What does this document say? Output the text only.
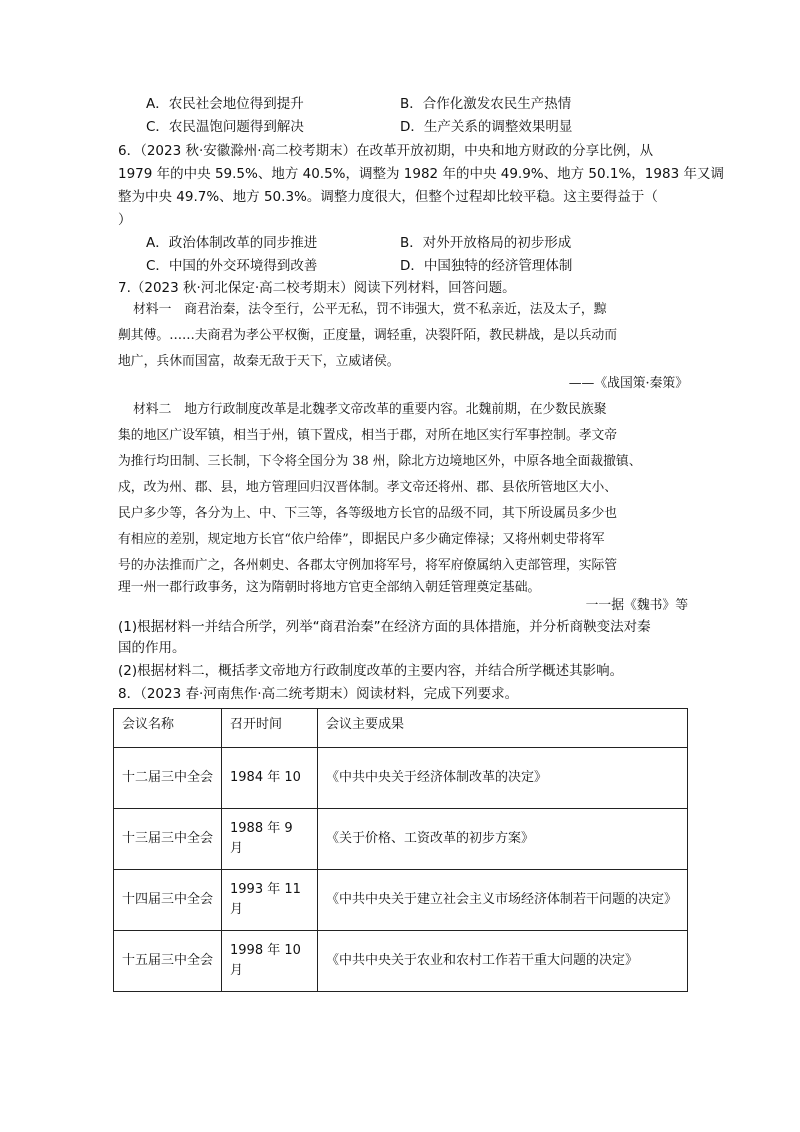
A．农民社会地位得到提升	B．合作化激发农民生产热情
C．农民温饱问题得到解决	D．生产关系的调整效果明显
6．（2023 秋·安徽滁州·高二校考期末）在改革开放初期，中央和地方财政的分享比例，从
1979 年的中央 59.5%、地方 40.5%，调整为 1982 年的中央 49.9%、地方 50.1%，1983 年又调
整为中央 49.7%、地方 50.3%。调整力度很大，但整个过程却比较平稳。这主要得益于（
）
A．政治体制改革的同步推进	B．对外开放格局的初步形成
C．中国的外交环境得到改善	D．中国独特的经济管理体制
7.（2023 秋·河北保定·高二校考期末）阅读下列材料，回答问题。
材料一　商君治秦，法令至行，公平无私，罚不讳强大，赏不私亲近，法及太子，黥
劓其傅。……夫商君为孝公平权衡，正度量，调轻重，决裂阡陌，教民耕战，是以兵动而
地广，兵休而国富，故秦无敌于天下，立威诸侯。
——《战国策·秦策》
材料二　地方行政制度改革是北魏孝文帝改革的重要内容。北魏前期，在少数民族聚
集的地区广设军镇，相当于州，镇下置戍，相当于郡，对所在地区实行军事控制。孝文帝
为推行均田制、三长制，下令将全国分为 38 州，除北方边境地区外，中原各地全面裁撤镇、
戍，改为州、郡、县，地方管理回归汉晋体制。孝文帝还将州、郡、县依所管地区大小、
民户多少等，各分为上、中、下三等，各等级地方长官的品级不同，其下所设属员多少也
有相应的差别，规定地方长官“依户给俸”，即据民户多少确定俸禄；又将州刺史带将军
号的办法推而广之，各州刺史、各郡太守例加将军号，将军府僚属纳入吏部管理，实际管
理一州一郡行政事务，这为隋朝时将地方官吏全部纳入朝廷管理奠定基础。
一一据《魏书》等
(1)根据材料一并结合所学，列举“商君治秦”在经济方面的具体措施，并分析商鞅变法对秦
国的作用。
(2)根据材料二，概括孝文帝地方行政制度改革的主要内容，并结合所学概述其影响。
8．（2023 春·河南焦作·高二统考期末）阅读材料，完成下列要求。
会议名称	召开时间	会议主要成果
十二届三中全会	1984 年 10	《中共中央关于经济体制改革的决定》
十三届三中全会	1988 年 9 月	《关于价格、工资改革的初步方案》
十四届三中全会	1993 年 11 月	《中共中央关于建立社会主义市场经济体制若干问题的决定》
十五届三中全会	1998 年 10 月	《中共中央关于农业和农村工作若干重大问题的决定》
